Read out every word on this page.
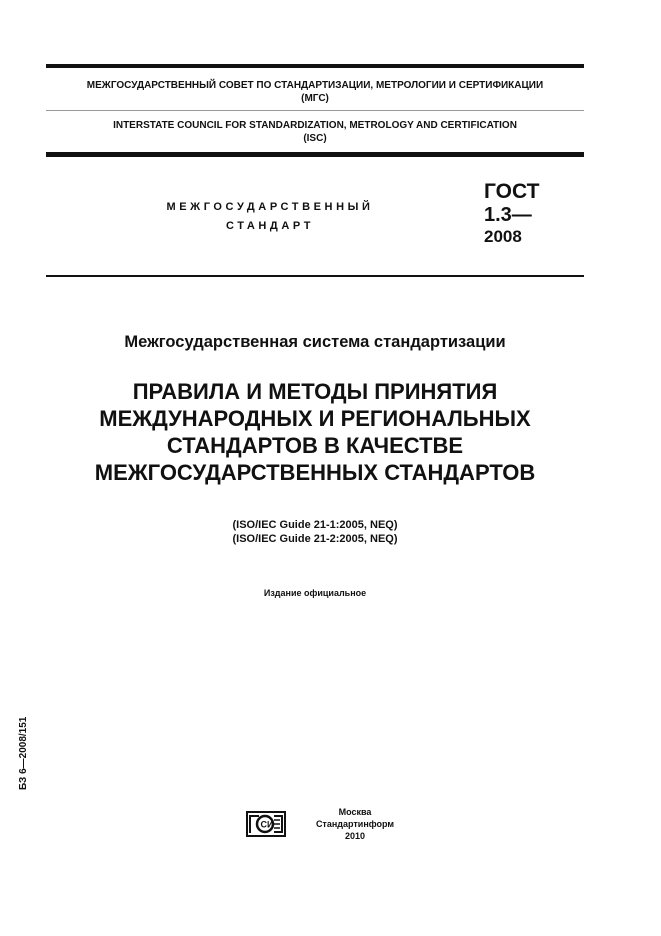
МЕЖГОСУДАРСТВЕННЫЙ СОВЕТ ПО СТАНДАРТИЗАЦИИ, МЕТРОЛОГИИ И СЕРТИФИКАЦИИ
(МГС)
INTERSTATE COUNCIL FOR STANDARDIZATION, METROLOGY AND CERTIFICATION
(ISC)
МЕЖГОСУДАРСТВЕННЫЙ
СТАНДАРТ
ГОСТ
1.3—
2008
Межгосударственная система стандартизации
ПРАВИЛА И МЕТОДЫ ПРИНЯТИЯ
МЕЖДУНАРОДНЫХ И РЕГИОНАЛЬНЫХ
СТАНДАРТОВ В КАЧЕСТВЕ
МЕЖГОСУДАРСТВЕННЫХ СТАНДАРТОВ
(ISO/IEC Guide 21-1:2005, NEQ)
(ISO/IEC Guide 21-2:2005, NEQ)
Издание официальное
БЗ 6—2008/151
СИ
Москва
Стандартинформ
2010
